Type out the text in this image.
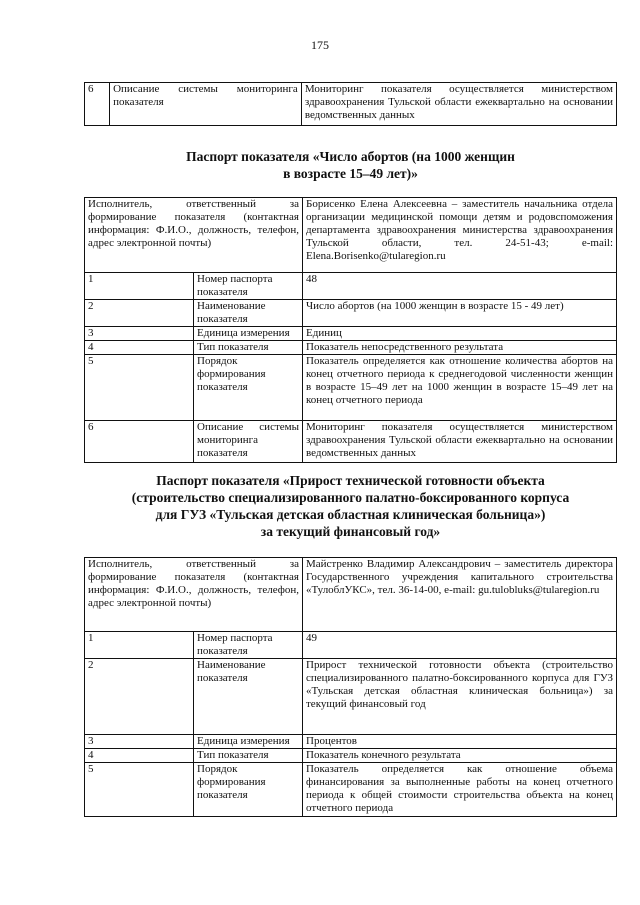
175
6	Описание системы мониторинга показателя	Мониторинг показателя осуществляется министерством здравоохранения Тульской области ежеквартально на основании ведомственных данных
Паспорт показателя «Число абортов (на 1000 женщин
в возрасте 15–49 лет)»
Исполнитель, ответственный за формирование показателя (контактная информация: Ф.И.О., должность, телефон, адрес электронной почты)		Борисенко Елена Алексеевна – заместитель начальника отдела организации медицинской помощи детям и родовспоможения департамента здравоохранения министерства здравоохранения Тульской области, тел. 24-51-43; e-mail: Elena.Borisenko@tularegion.ru
1	Номер паспорта показателя	48
2	Наименование показателя	Число абортов (на 1000 женщин в возрасте 15 - 49 лет)
3	Единица измерения	Единиц
4	Тип показателя	Показатель непосредственного результата
5	Порядок формирования показателя	Показатель определяется как отношение количества абортов на конец отчетного периода к среднегодовой численности женщин в возрасте 15–49 лет на 1000 женщин в возрасте 15–49 лет на конец отчетного периода
6	Описание системы мониторинга показателя	Мониторинг показателя осуществляется министерством здравоохранения Тульской области ежеквартально на основании ведомственных данных
Паспорт показателя «Прирост технической готовности объекта
(строительство специализированного палатно-боксированного корпуса
для ГУЗ «Тульская детская областная клиническая больница»)
за текущий финансовый год»
Исполнитель, ответственный за формирование показателя (контактная информация: Ф.И.О., должность, телефон, адрес электронной почты)		Майстренко Владимир Александрович – заместитель директора Государственного учреждения капитального строительства «ТулоблУКС», тел. 36-14-00, e-mail: gu.tulobluks@tularegion.ru
1	Номер паспорта показателя	49
2	Наименование показателя	Прирост технической готовности объекта (строительство специализированного палатно-боксированного корпуса для ГУЗ «Тульская детская областная клиническая больница») за текущий финансовый год
3	Единица измерения	Процентов
4	Тип показателя	Показатель конечного результата
5	Порядок формирования показателя	Показатель определяется как отношение объема финансирования за выполненные работы на конец отчетного периода к общей стоимости строительства объекта на конец отчетного периода
